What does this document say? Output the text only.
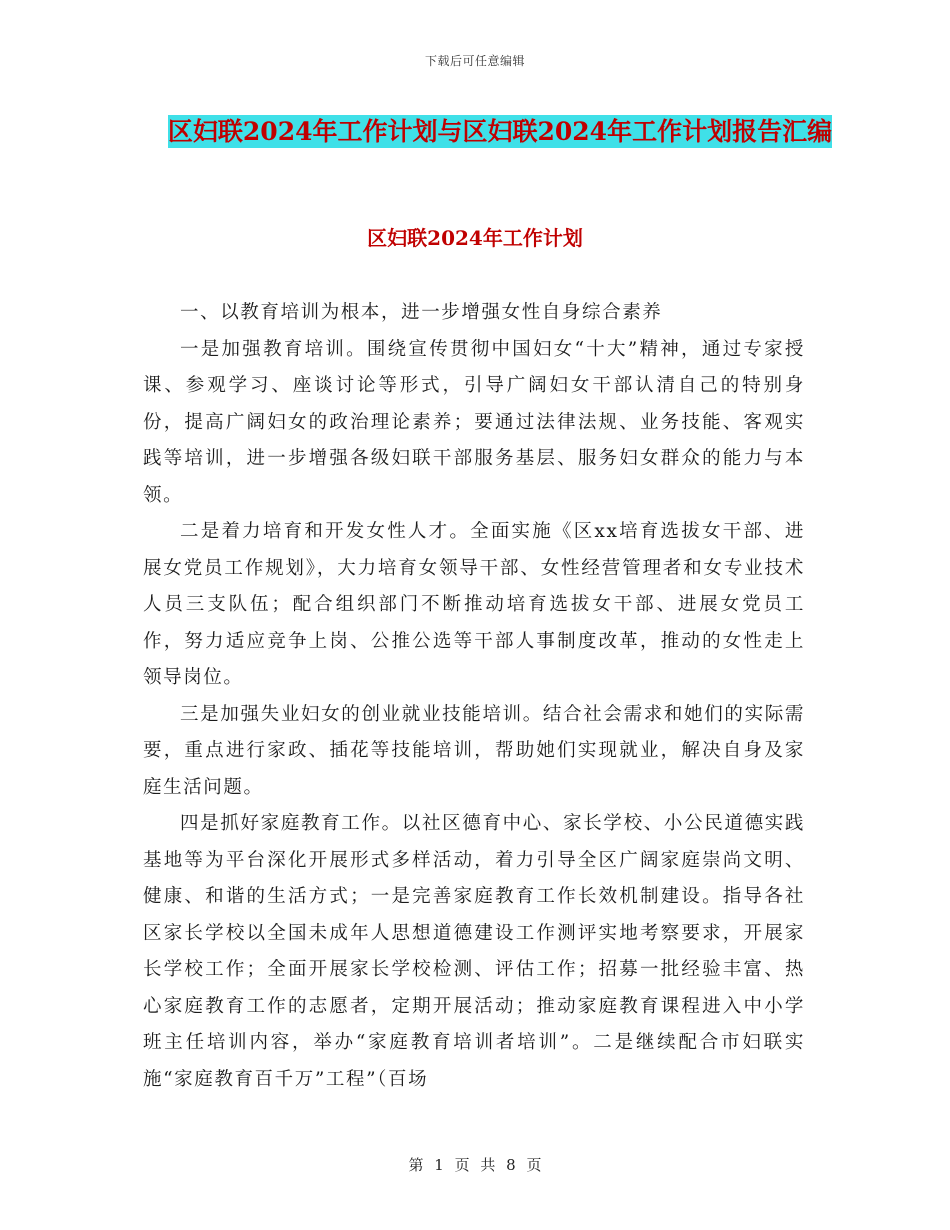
下载后可任意编辑
区妇联2024年工作计划与区妇联2024年工作计划报告汇编
区妇联2024年工作计划

一、以教育培训为根本，进一步增强女性自身综合素养

一是加强教育培训。围绕宣传贯彻中国妇女“十大”精神，通过专家授课、参观学习、座谈讨论等形式，引导广阔妇女干部认清自己的特别身份，提高广阔妇女的政治理论素养；要通过法律法规、业务技能、客观实践等培训，进一步增强各级妇联干部服务基层、服务妇女群众的能力与本领。

二是着力培育和开发女性人才。全面实施《区xx培育选拔女干部、进展女党员工作规划》，大力培育女领导干部、女性经营管理者和女专业技术人员三支队伍；配合组织部门不断推动培育选拔女干部、进展女党员工作，努力适应竞争上岗、公推公选等干部人事制度改革，推动的女性走上领导岗位。

三是加强失业妇女的创业就业技能培训。结合社会需求和她们的实际需要，重点进行家政、插花等技能培训，帮助她们实现就业，解决自身及家庭生活问题。

四是抓好家庭教育工作。以社区德育中心、家长学校、小公民道德实践基地等为平台深化开展形式多样活动，着力引导全区广阔家庭崇尚文明、健康、和谐的生活方式；一是完善家庭教育工作长效机制建设。指导各社区家长学校以全国未成年人思想道德建设工作测评实地考察要求，开展家长学校工作；全面开展家长学校检测、评估工作；招募一批经验丰富、热心家庭教育工作的志愿者，定期开展活动；推动家庭教育课程进入中小学班主任培训内容，举办“家庭教育培训者培训”。二是继续配合市妇联实施“家庭教育百千万”工程”（百场

第 1 页 共 8 页
